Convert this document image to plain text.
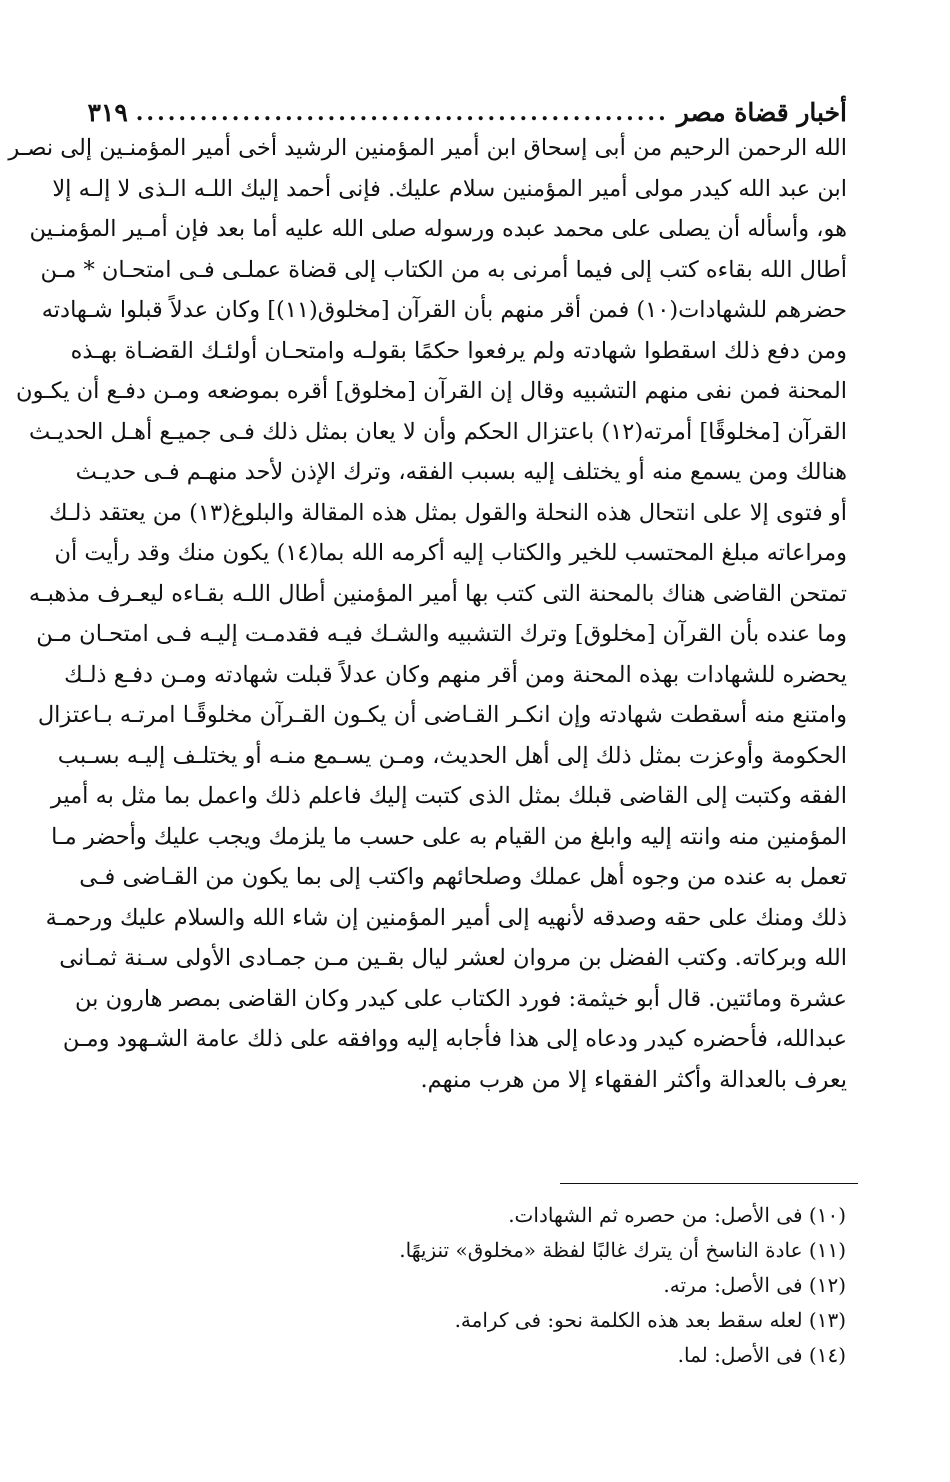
أخبار قضاة مصر
..................................................
٣١٩
الله الرحمن الرحيم من أبى إسحاق ابن أمير المؤمنين الرشيد أخى أمير المؤمنـين إلى نصـر
ابن عبد الله كيدر مولى أمير المؤمنين سلام عليك. فإنى أحمد إليك اللـه الـذى لا إلـه إلا
هو، وأسأله أن يصلى على محمد عبده ورسوله صلى الله عليه أما بعد فإن أمـير المؤمنـين
أطال الله بقاءه كتب إلى فيما أمرنى به من الكتاب إلى قضاة عملـى فـى امتحـان * مـن
حضرهم للشهادات(١٠) فمن أقر منهم بأن القرآن [مخلوق(١١)] وكان عدلاً قبلوا شـهادته
ومن دفع ذلك اسقطوا شهادته ولم يرفعوا حكمًا بقولـه وامتحـان أولئـك القضـاة بهـذه
المحنة فمن نفى منهم التشبيه وقال إن القرآن [مخلوق] أقره بموضعه ومـن دفـع أن يكـون
القرآن [مخلوقًا] أمرته(١٢) باعتزال الحكم وأن لا يعان بمثل ذلك فـى جميـع أهـل الحديـث
هنالك ومن يسمع منه أو يختلف إليه بسبب الفقه، وترك الإذن لأحد منهـم فـى حديـث
أو فتوى إلا على انتحال هذه النحلة والقول بمثل هذه المقالة والبلوغ(١٣) من يعتقد ذلـك
ومراعاته مبلغ المحتسب للخير والكتاب إليه أكرمه الله بما(١٤) يكون منك وقد رأيت أن
تمتحن القاضى هناك بالمحنة التى كتب بها أمير المؤمنين أطال اللـه بقـاءه ليعـرف مذهبـه
وما عنده بأن القرآن [مخلوق] وترك التشبيه والشـك فيـه فقدمـت إليـه فـى امتحـان مـن
يحضره للشهادات بهذه المحنة ومن أقر منهم وكان عدلاً قبلت شهادته ومـن دفـع ذلـك
وامتنع منه أسقطت شهادته وإن انكـر القـاضى أن يكـون القـرآن مخلوقًـا امرتـه بـاعتزال
الحكومة وأوعزت بمثل ذلك إلى أهل الحديث، ومـن يسـمع منـه أو يختلـف إليـه بسـبب
الفقه وكتبت إلى القاضى قبلك بمثل الذى كتبت إليك فاعلم ذلك واعمل بما مثل به أمير
المؤمنين منه وانته إليه وابلغ من القيام به على حسب ما يلزمك ويجب عليك وأحضر مـا
تعمل به عنده من وجوه أهل عملك وصلحائهم واكتب إلى بما يكون من القـاضى فـى
ذلك ومنك على حقه وصدقه لأنهيه إلى أمير المؤمنين إن شاء الله والسلام عليك ورحمـة
الله وبركاته. وكتب الفضل بن مروان لعشر ليال بقـين مـن جمـادى الأولى سـنة ثمـانى
عشرة ومائتين. قال أبو خيثمة: فورد الكتاب على كيدر وكان القاضى بمصر هارون بن
عبدالله، فأحضره كيدر ودعاه إلى هذا فأجابه إليه ووافقه على ذلك عامة الشـهود ومـن
يعرف بالعدالة وأكثر الفقهاء إلا من هرب منهم.
(١٠) فى الأصل: من حصره ثم الشهادات.
(١١) عادة الناسخ أن يترك غالبًا لفظة «مخلوق» تنزيهًا.
(١٢) فى الأصل: مرته.
(١٣) لعله سقط بعد هذه الكلمة نحو: فى كرامة.
(١٤) فى الأصل: لما.
